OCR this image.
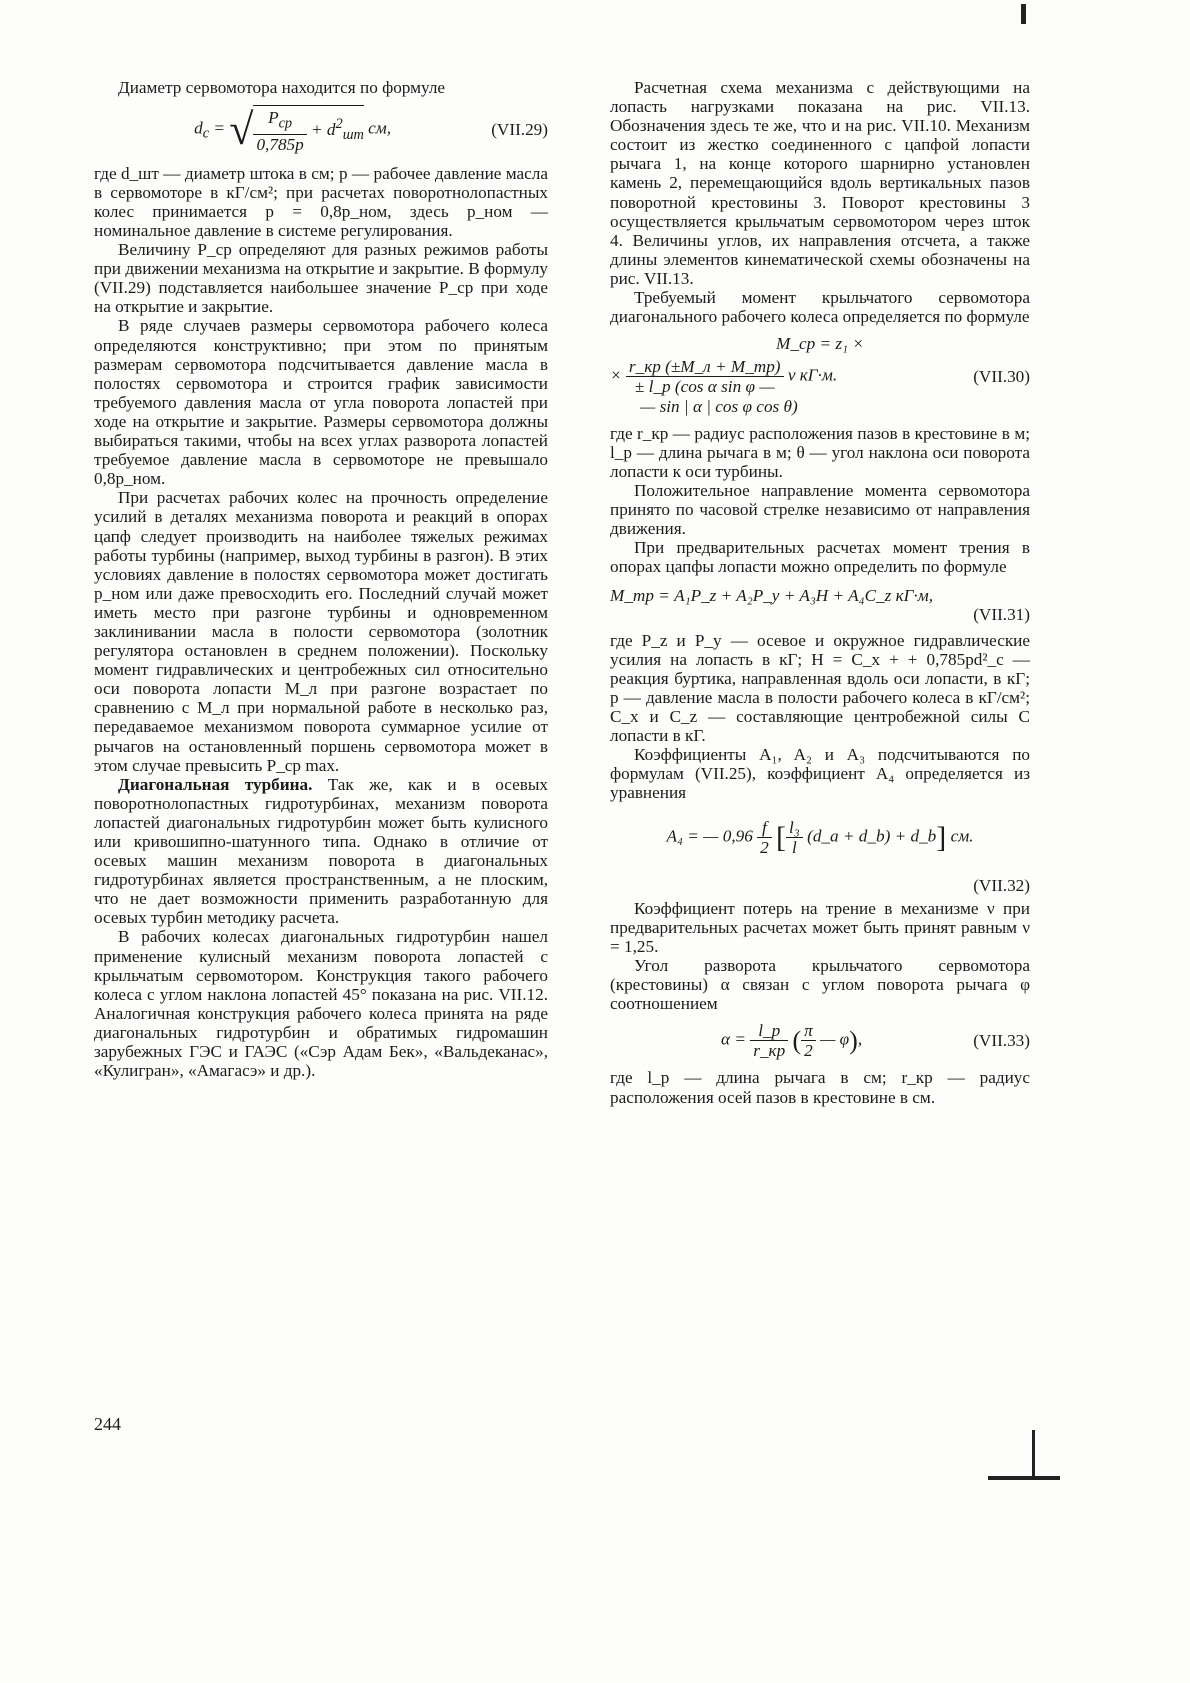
Диаметр сервомотора находится по формуле

$d_c$ = √ $\frac{P_{ср}}{0,785p} + d^2_{шт}$ см,	(VII.29)

где d_шт — диаметр штока в см; p — рабочее давление масла в сервомоторе в кГ/см²; при расчетах поворотнолопастных колес принимается p = 0,8p_ном, здесь p_ном — номинальное давление в системе регулирования.

Величину P_ср определяют для разных режимов работы при движении механизма на открытие и закрытие. В формулу (VII.29) подставляется наибольшее значение P_ср при ходе на открытие и закрытие.

В ряде случаев размеры сервомотора рабочего колеса определяются конструктивно; при этом по принятым размерам сервомотора подсчитывается давление масла в полостях сервомотора и строится график зависимости требуемого давления масла от угла поворота лопастей при ходе на открытие и закрытие. Размеры сервомотора должны выбираться такими, чтобы на всех углах разворота лопастей требуемое давление масла в сервомоторе не превышало 0,8p_ном.

При расчетах рабочих колес на прочность определение усилий в деталях механизма поворота и реакций в опорах цапф следует производить на наиболее тяжелых режимах работы турбины (например, выход турбины в разгон). В этих условиях давление в полостях сервомотора может достигать p_ном или даже превосходить его. Последний случай может иметь место при разгоне турбины и одновременном заклинивании масла в полости сервомотора (золотник регулятора остановлен в среднем положении). Поскольку момент гидравлических и центробежных сил относительно оси поворота лопасти M_л при разгоне возрастает по сравнению с M_л при нормальной работе в несколько раз, передаваемое механизмом поворота суммарное усилие от рычагов на остановленный поршень сервомотора может в этом случае превысить P_ср max.

Диагональная турбина. Так же, как и в осевых поворотнолопастных гидротурбинах, механизм поворота лопастей диагональных гидротурбин может быть кулисного или кривошипно-шатунного типа. Однако в отличие от осевых машин механизм поворота в диагональных гидротурбинах является пространственным, а не плоским, что не дает возможности применить разработанную для осевых турбин методику расчета.

В рабочих колесах диагональных гидротурбин нашел применение кулисный механизм поворота лопастей с крыльчатым сервомотором. Конструкция такого рабочего колеса с углом наклона лопастей 45° показана на рис. VII.12. Аналогичная конструкция рабочего колеса принята на ряде диагональных гидротурбин и обратимых гидромашин зарубежных ГЭС и ГАЭС («Сэр Адам Бек», «Вальдеканас», «Кулигран», «Амагасэ» и др.).

Расчетная схема механизма с действующими на лопасть нагрузками показана на рис. VII.13. Обозначения здесь те же, что и на рис. VII.10. Механизм состоит из жестко соединенного с цапфой лопасти рычага 1, на конце которого шарнирно установлен камень 2, перемещающийся вдоль вертикальных пазов поворотной крестовины 3. Поворот крестовины 3 осуществляется крыльчатым сервомотором через шток 4. Величины углов, их направления отсчета, а также длины элементов кинематической схемы обозначены на рис. VII.13.

Требуемый момент крыльчатого сервомотора диагонального рабочего колеса определяется по формуле

M_ср = z₁ ×
× $\frac{r\_кр (\pm M\_л + M\_тр)}{\text{± l\_р (cos α sin φ —}}$ ν кГ·м.	(VII.30)
— sin | α | cos φ cos θ)

где r_кр — радиус расположения пазов в крестовине в м; l_р — длина рычага в м; θ — угол наклона оси поворота лопасти к оси турбины.

Положительное направление момента сервомотора принято по часовой стрелке независимо от направления движения.

При предварительных расчетах момент трения в опорах цапфы лопасти можно определить по формуле

M_тр = A₁P_z + A₂P_y + A₃H + A₄C_z кГ·м,
(VII.31)

где P_z и P_y — осевое и окружное гидравлические усилия на лопасть в кГ; H = C_x + + 0,785pd²_c — реакция буртика, направленная вдоль оси лопасти, в кГ; p — давление масла в полости рабочего колеса в кГ/см²; C_x и C_z — составляющие центробежной силы C лопасти в кГ.

Коэффициенты A₁, A₂ и A₃ подсчитываются по формулам (VII.25), коэффициент A₄ определяется из уравнения

A₄ = — $0,96 \frac{f}{2}$ [ $\frac{\text{l₃}}{l}$ (d_a + d_b) + d_b] см.
(VII.32)

Коэффициент потерь на трение в механизме ν при предварительных расчетах может быть принят равным ν = 1,25.

Угол разворота крыльчатого сервомотора (крестовины) α связан с углом поворота рычага φ соотношением

$\alpha = \frac{l\_р}{r\_кр}$ ( $\frac{\pi}{2}$ — φ),	(VII.33)

где l_р — длина рычага в см; r_кр — радиус расположения осей пазов в крестовине в см.

244
